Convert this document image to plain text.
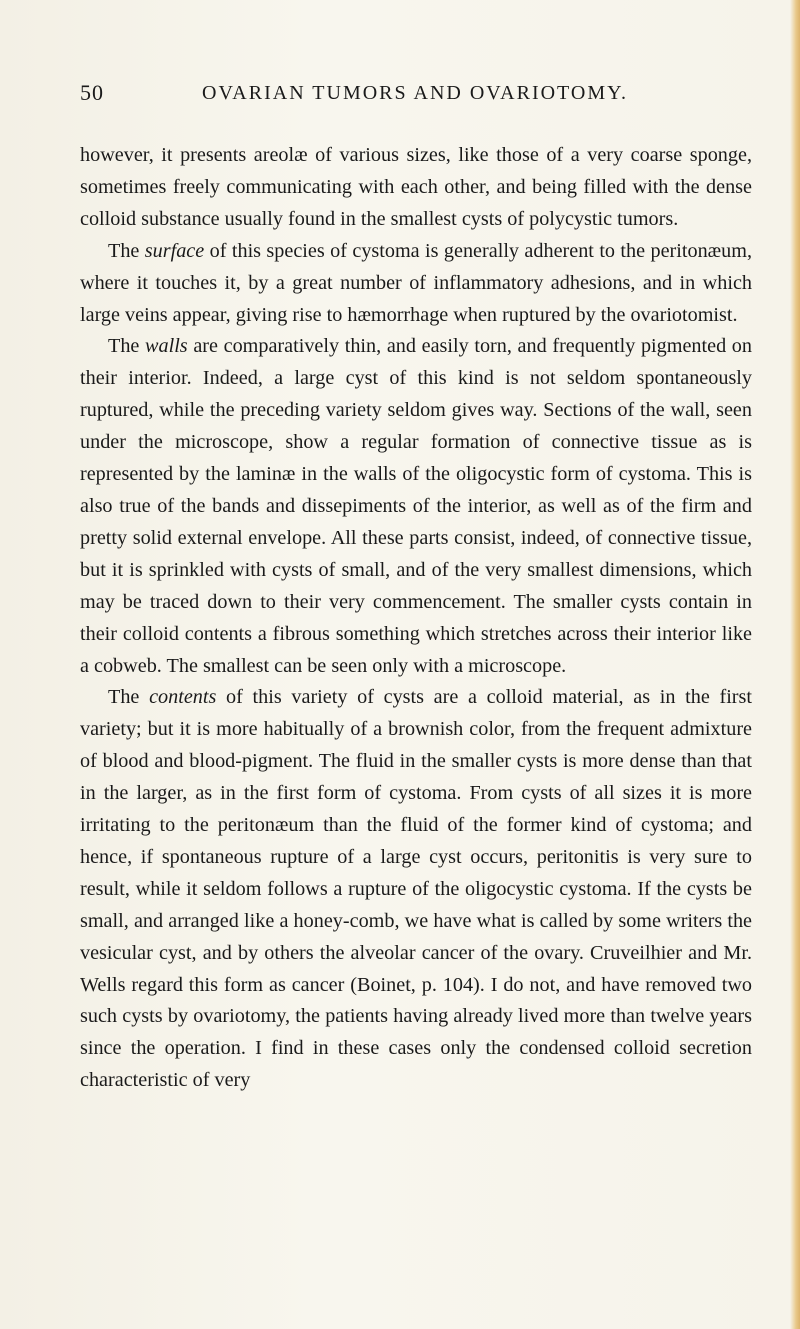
50	OVARIAN TUMORS AND OVARIOTOMY.

however, it presents areolæ of various sizes, like those of a very coarse sponge, sometimes freely communicating with each other, and being filled with the dense colloid substance usually found in the smallest cysts of polycystic tumors.

The surface of this species of cystoma is generally adherent to the peritonæum, where it touches it, by a great number of inflammatory adhesions, and in which large veins appear, giving rise to hæmorrhage when ruptured by the ovariotomist.

The walls are comparatively thin, and easily torn, and frequently pigmented on their interior. Indeed, a large cyst of this kind is not seldom spontaneously ruptured, while the preceding variety seldom gives way. Sections of the wall, seen under the microscope, show a regular formation of connective tissue as is represented by the laminæ in the walls of the oligocystic form of cystoma. This is also true of the bands and dissepiments of the interior, as well as of the firm and pretty solid external envelope. All these parts consist, indeed, of connective tissue, but it is sprinkled with cysts of small, and of the very smallest dimensions, which may be traced down to their very commencement. The smaller cysts contain in their colloid contents a fibrous something which stretches across their interior like a cobweb. The smallest can be seen only with a microscope.

The contents of this variety of cysts are a colloid material, as in the first variety; but it is more habitually of a brownish color, from the frequent admixture of blood and blood-pigment. The fluid in the smaller cysts is more dense than that in the larger, as in the first form of cystoma. From cysts of all sizes it is more irritating to the peritonæum than the fluid of the former kind of cystoma; and hence, if spontaneous rupture of a large cyst occurs, peritonitis is very sure to result, while it seldom follows a rupture of the oligocystic cystoma. If the cysts be small, and arranged like a honey-comb, we have what is called by some writers the vesicular cyst, and by others the alveolar cancer of the ovary. Cruveilhier and Mr. Wells regard this form as cancer (Boinet, p. 104). I do not, and have removed two such cysts by ovariotomy, the patients having already lived more than twelve years since the operation. I find in these cases only the condensed colloid secretion characteristic of very
